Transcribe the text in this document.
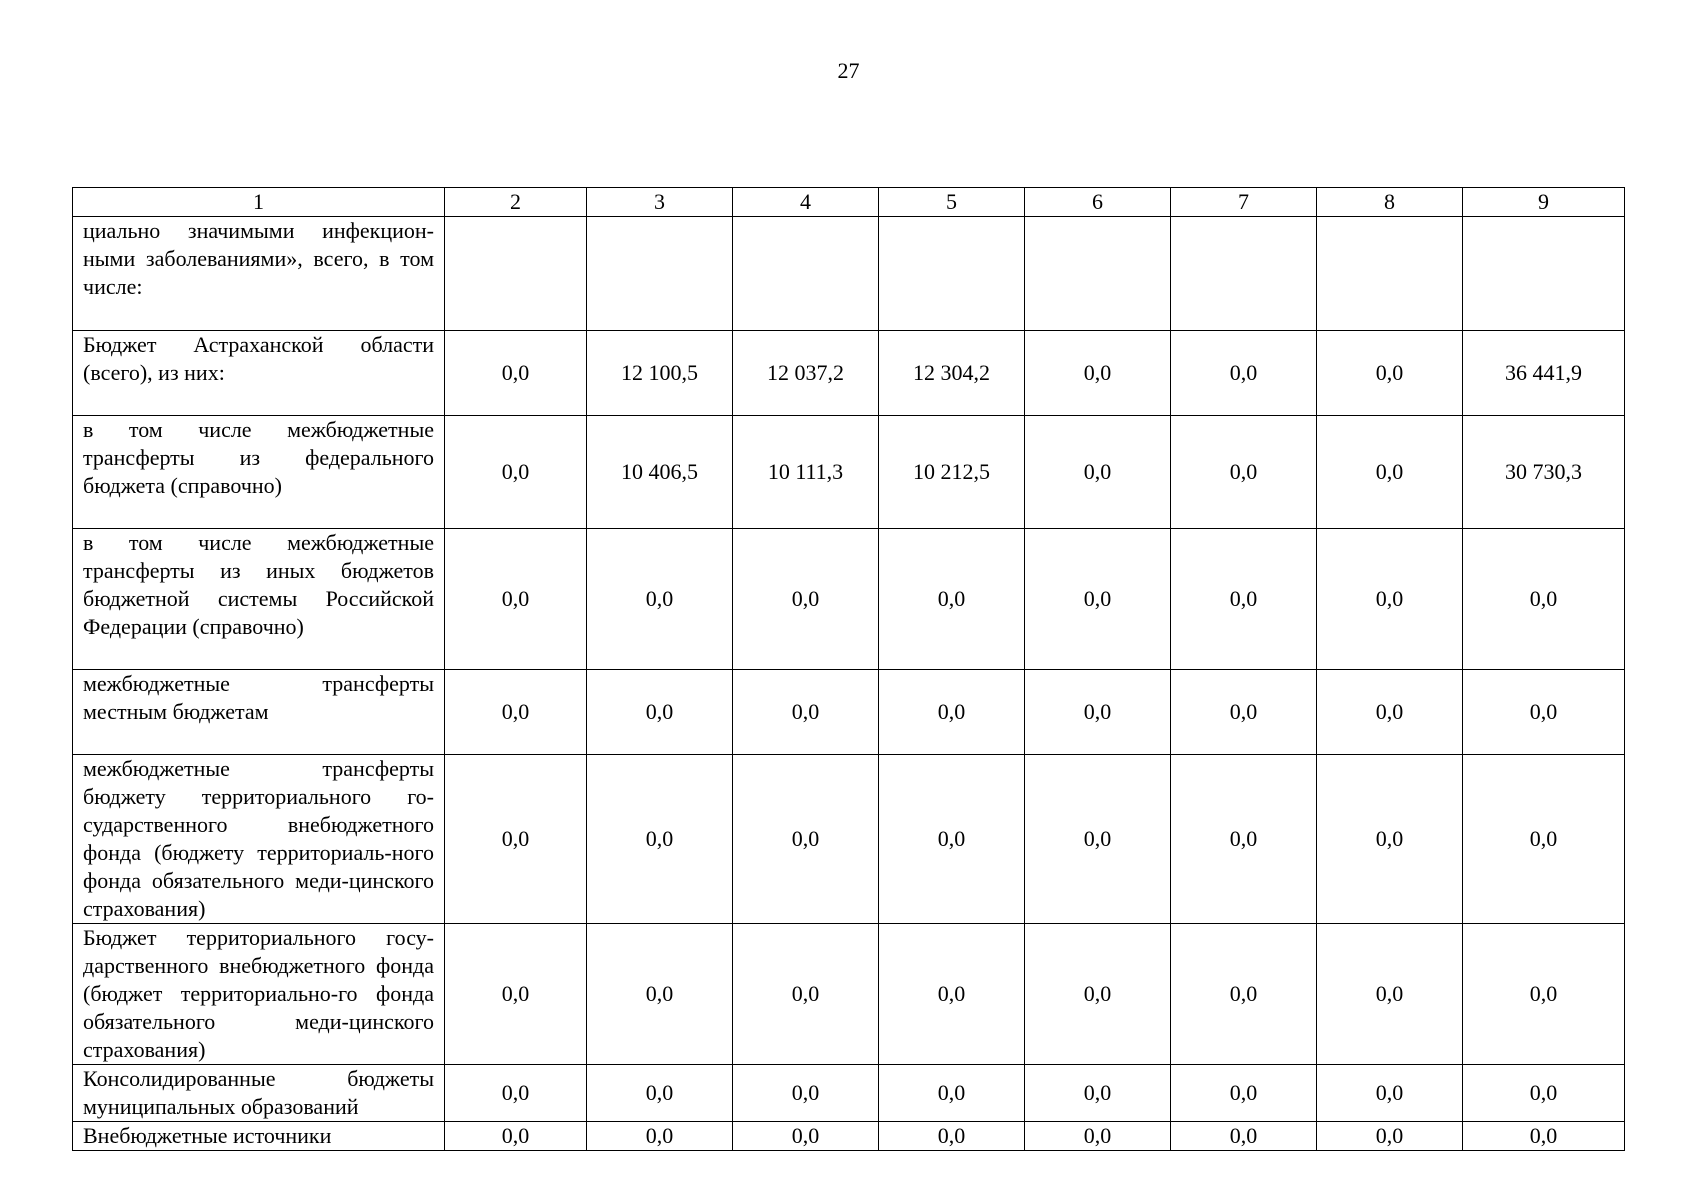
27
1	2	3	4	5	6	7	8	9
циально значимыми инфекцион-ными заболеваниями», всего, в том числе:								
Бюджет Астраханской области (всего), из них:	0,0	12 100,5	12 037,2	12 304,2	0,0	0,0	0,0	36 441,9
в том числе межбюджетные трансферты из федерального бюджета (справочно)	0,0	10 406,5	10 111,3	10 212,5	0,0	0,0	0,0	30 730,3
в том числе межбюджетные трансферты из иных бюджетов бюджетной системы Российской Федерации (справочно)	0,0	0,0	0,0	0,0	0,0	0,0	0,0	0,0
межбюджетные трансферты местным бюджетам	0,0	0,0	0,0	0,0	0,0	0,0	0,0	0,0
межбюджетные трансферты бюджету территориального го-сударственного внебюджетного фонда (бюджету территориаль-ного фонда обязательного меди-цинского страхования)	0,0	0,0	0,0	0,0	0,0	0,0	0,0	0,0
Бюджет территориального госу-дарственного внебюджетного фонда (бюджет территориально-го фонда обязательного меди-цинского страхования)	0,0	0,0	0,0	0,0	0,0	0,0	0,0	0,0
Консолидированные бюджеты муниципальных образований	0,0	0,0	0,0	0,0	0,0	0,0	0,0	0,0
Внебюджетные источники	0,0	0,0	0,0	0,0	0,0	0,0	0,0	0,0
